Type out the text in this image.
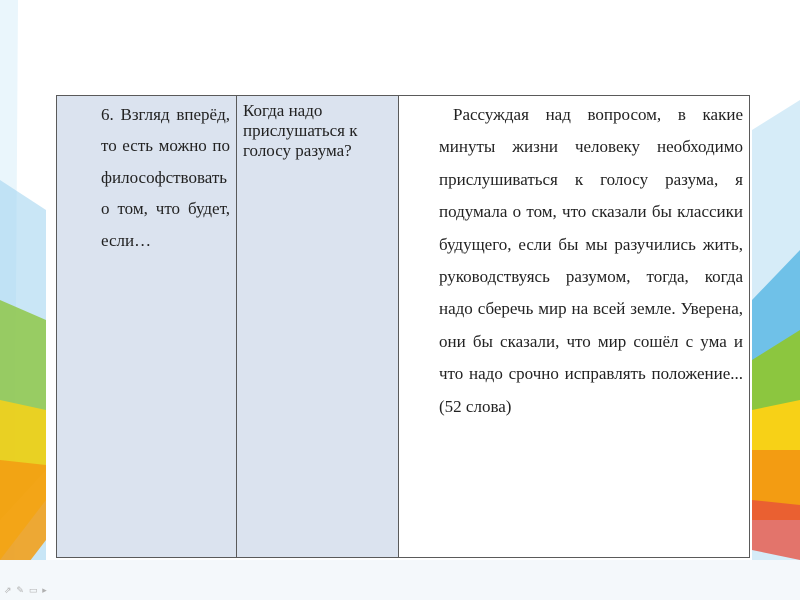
6. Взгляд вперёд, то есть можно пофилософствовать о том, что будет, если…
Когда надо прислушаться к голосу разума?
Рассуждая над вопросом, в какие минуты жизни человеку необходимо прислушиваться к голосу разума, я подумала о том, что сказали бы классики будущего, если бы мы разучились жить, руководствуясь разумом, тогда, когда надо сберечь мир на всей земле. Уверена, они бы сказали, что мир сошёл с ума и что надо срочно исправлять положение... (52 слова)
⇗ ✎ ▭ ▸
